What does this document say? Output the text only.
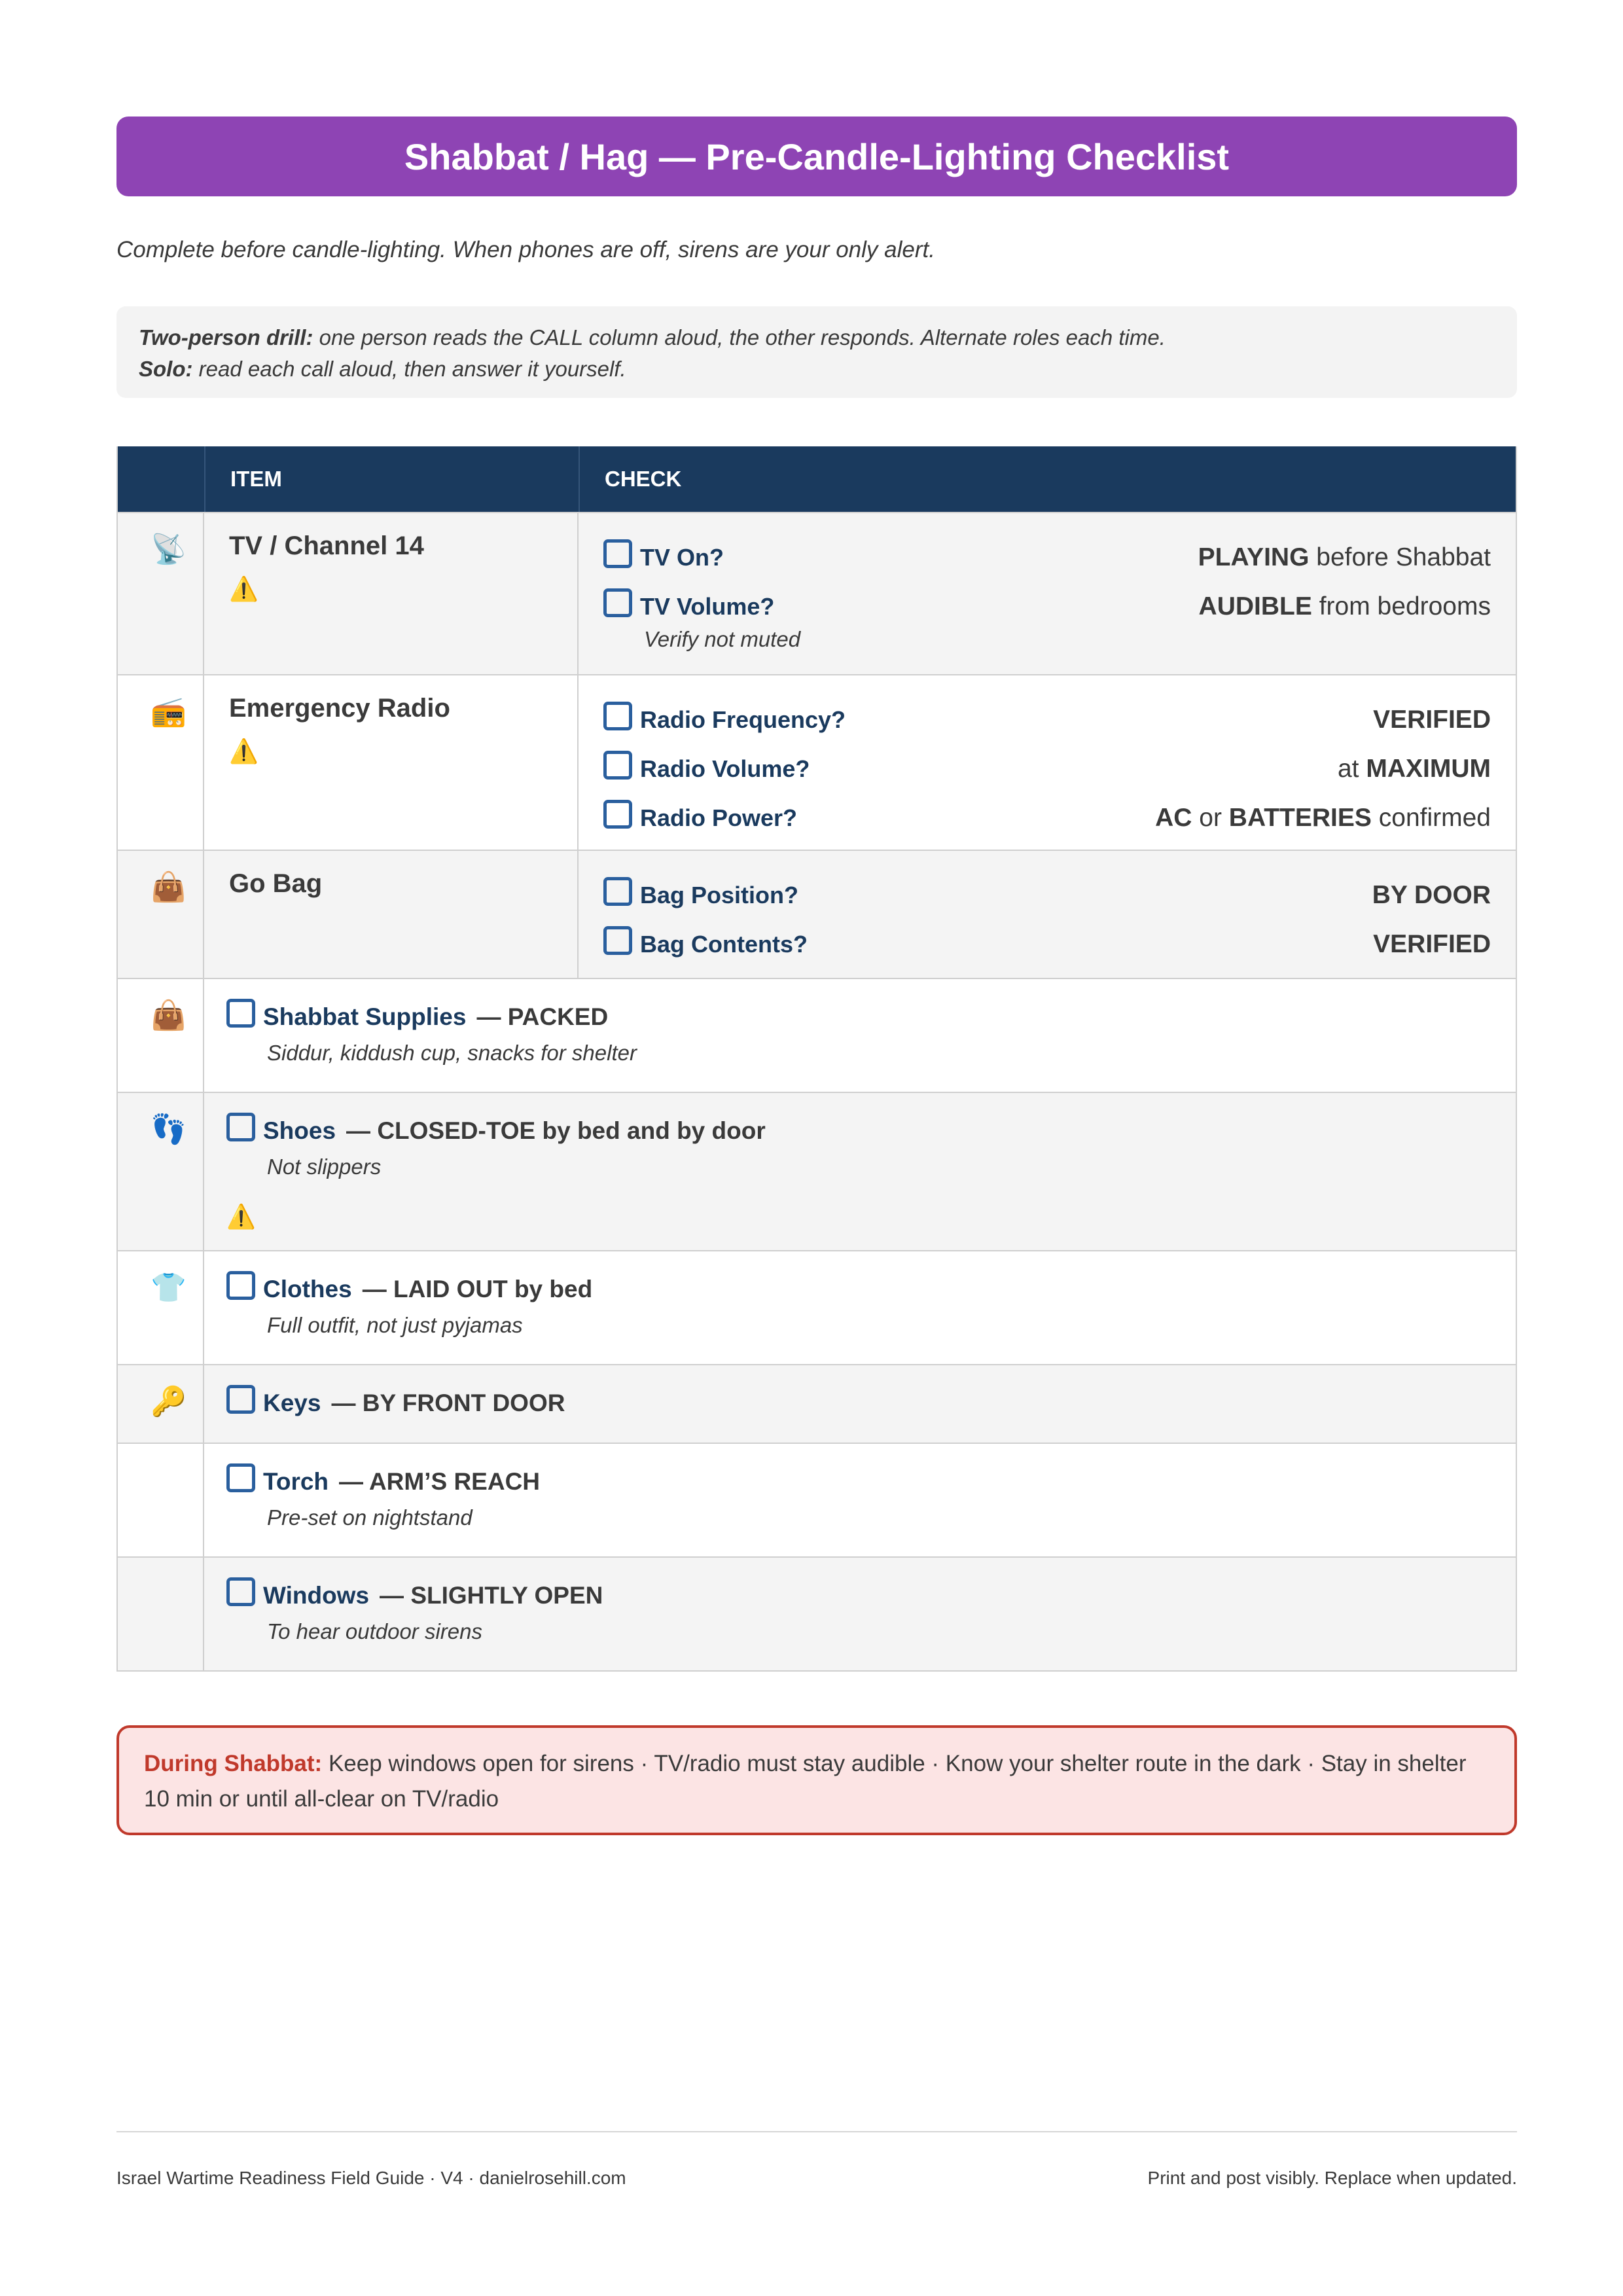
Shabbat / Hag — Pre-Candle-Lighting Checklist
Complete before candle-lighting. When phones are off, sirens are your only alert.
Two-person drill: one person reads the CALL column aloud, the other responds. Alternate roles each time.
Solo: read each call aloud, then answer it yourself.
ITEM	CHECK
📡 TV / Channel 14
⚠️
TV On?	PLAYING before Shabbat
TV Volume?	AUDIBLE from bedrooms
Verify not muted
📻 Emergency Radio
⚠️
Radio Frequency?	VERIFIED
Radio Volume?	at MAXIMUM
Radio Power?	AC or BATTERIES confirmed
👜 Go Bag	Bag Position?	BY DOOR
Bag Contents?	VERIFIED
👜	Shabbat Supplies — PACKED
Siddur, kiddush cup, snacks for shelter
👣	Shoes — CLOSED-TOE by bed and by door
Not slippers
⚠️
👕	Clothes — LAID OUT by bed
Full outfit, not just pyjamas
🔑	Keys — BY FRONT DOOR
Torch — ARM’S REACH
Pre-set on nightstand
Windows — SLIGHTLY OPEN
To hear outdoor sirens
During Shabbat: Keep windows open for sirens · TV/radio must stay audible · Know your shelter route in the dark · Stay in shelter 10 min or until all-clear on TV/radio
Israel Wartime Readiness Field Guide · V4 · danielrosehill.com	Print and post visibly. Replace when updated.
